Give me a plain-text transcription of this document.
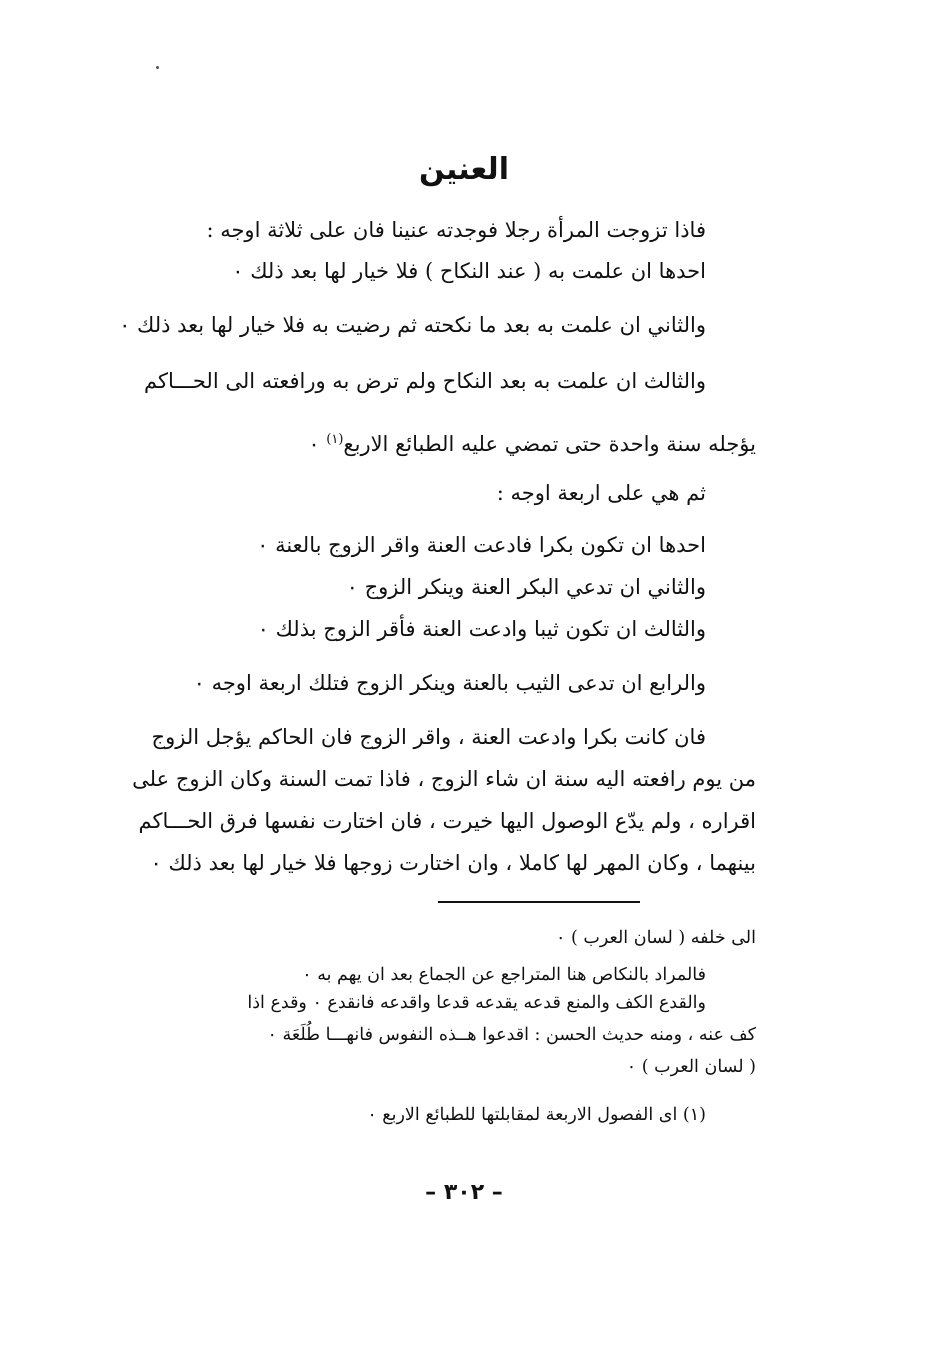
العنين
فاذا تزوجت المرأة رجلا فوجدته عنينا فان على ثلاثة اوجه :
احدها ان علمت به ( عند النكاح ) فلا خيار لها بعد ذلك ٠
والثاني ان علمت به بعد ما نكحته ثم رضيت به فلا خيار لها بعد ذلك ٠
والثالث ان علمت به بعد النكاح ولم ترض به ورافعته الى الحـــاكم
يؤجله سنة واحدة حتى تمضي عليه الطبائع الاربع$^{(١)}$ ٠
ثم هي على اربعة اوجه :
احدها ان تكون بكرا فادعت العنة واقر الزوج بالعنة ٠
والثاني ان تدعي البكر العنة وينكر الزوج ٠
والثالث ان تكون ثيبا وادعت العنة فأقر الزوج بذلك ٠
والرابع ان تدعى الثيب بالعنة وينكر الزوج فتلك اربعة اوجه ٠
فان كانت بكرا وادعت العنة ، واقر الزوج فان الحاكم يؤجل الزوج
من يوم رافعته اليه سنة ان شاء الزوج ، فاذا تمت السنة وكان الزوج على
اقراره ، ولم يدّع الوصول اليها خيرت ، فان اختارت نفسها فرق الحـــاكم
بينهما ، وكان المهر لها كاملا ، وان اختارت زوجها فلا خيار لها بعد ذلك ٠
الى خلفه ( لسان العرب ) ٠
فالمراد بالنكاص هنا المتراجع عن الجماع بعد ان يهم به ٠
والقدع الكف والمنع قدعه يقدعه قدعا واقدعه فانقدع ٠ وقدع اذا
كف عنه ، ومنه حديث الحسن : اقدعوا هــذه النفوس فانهـــا طُلَعَة ٠
( لسان العرب ) ٠
(١) اى الفصول الاربعة لمقابلتها للطبائع الاربع ٠
– ٣٠٢ –
